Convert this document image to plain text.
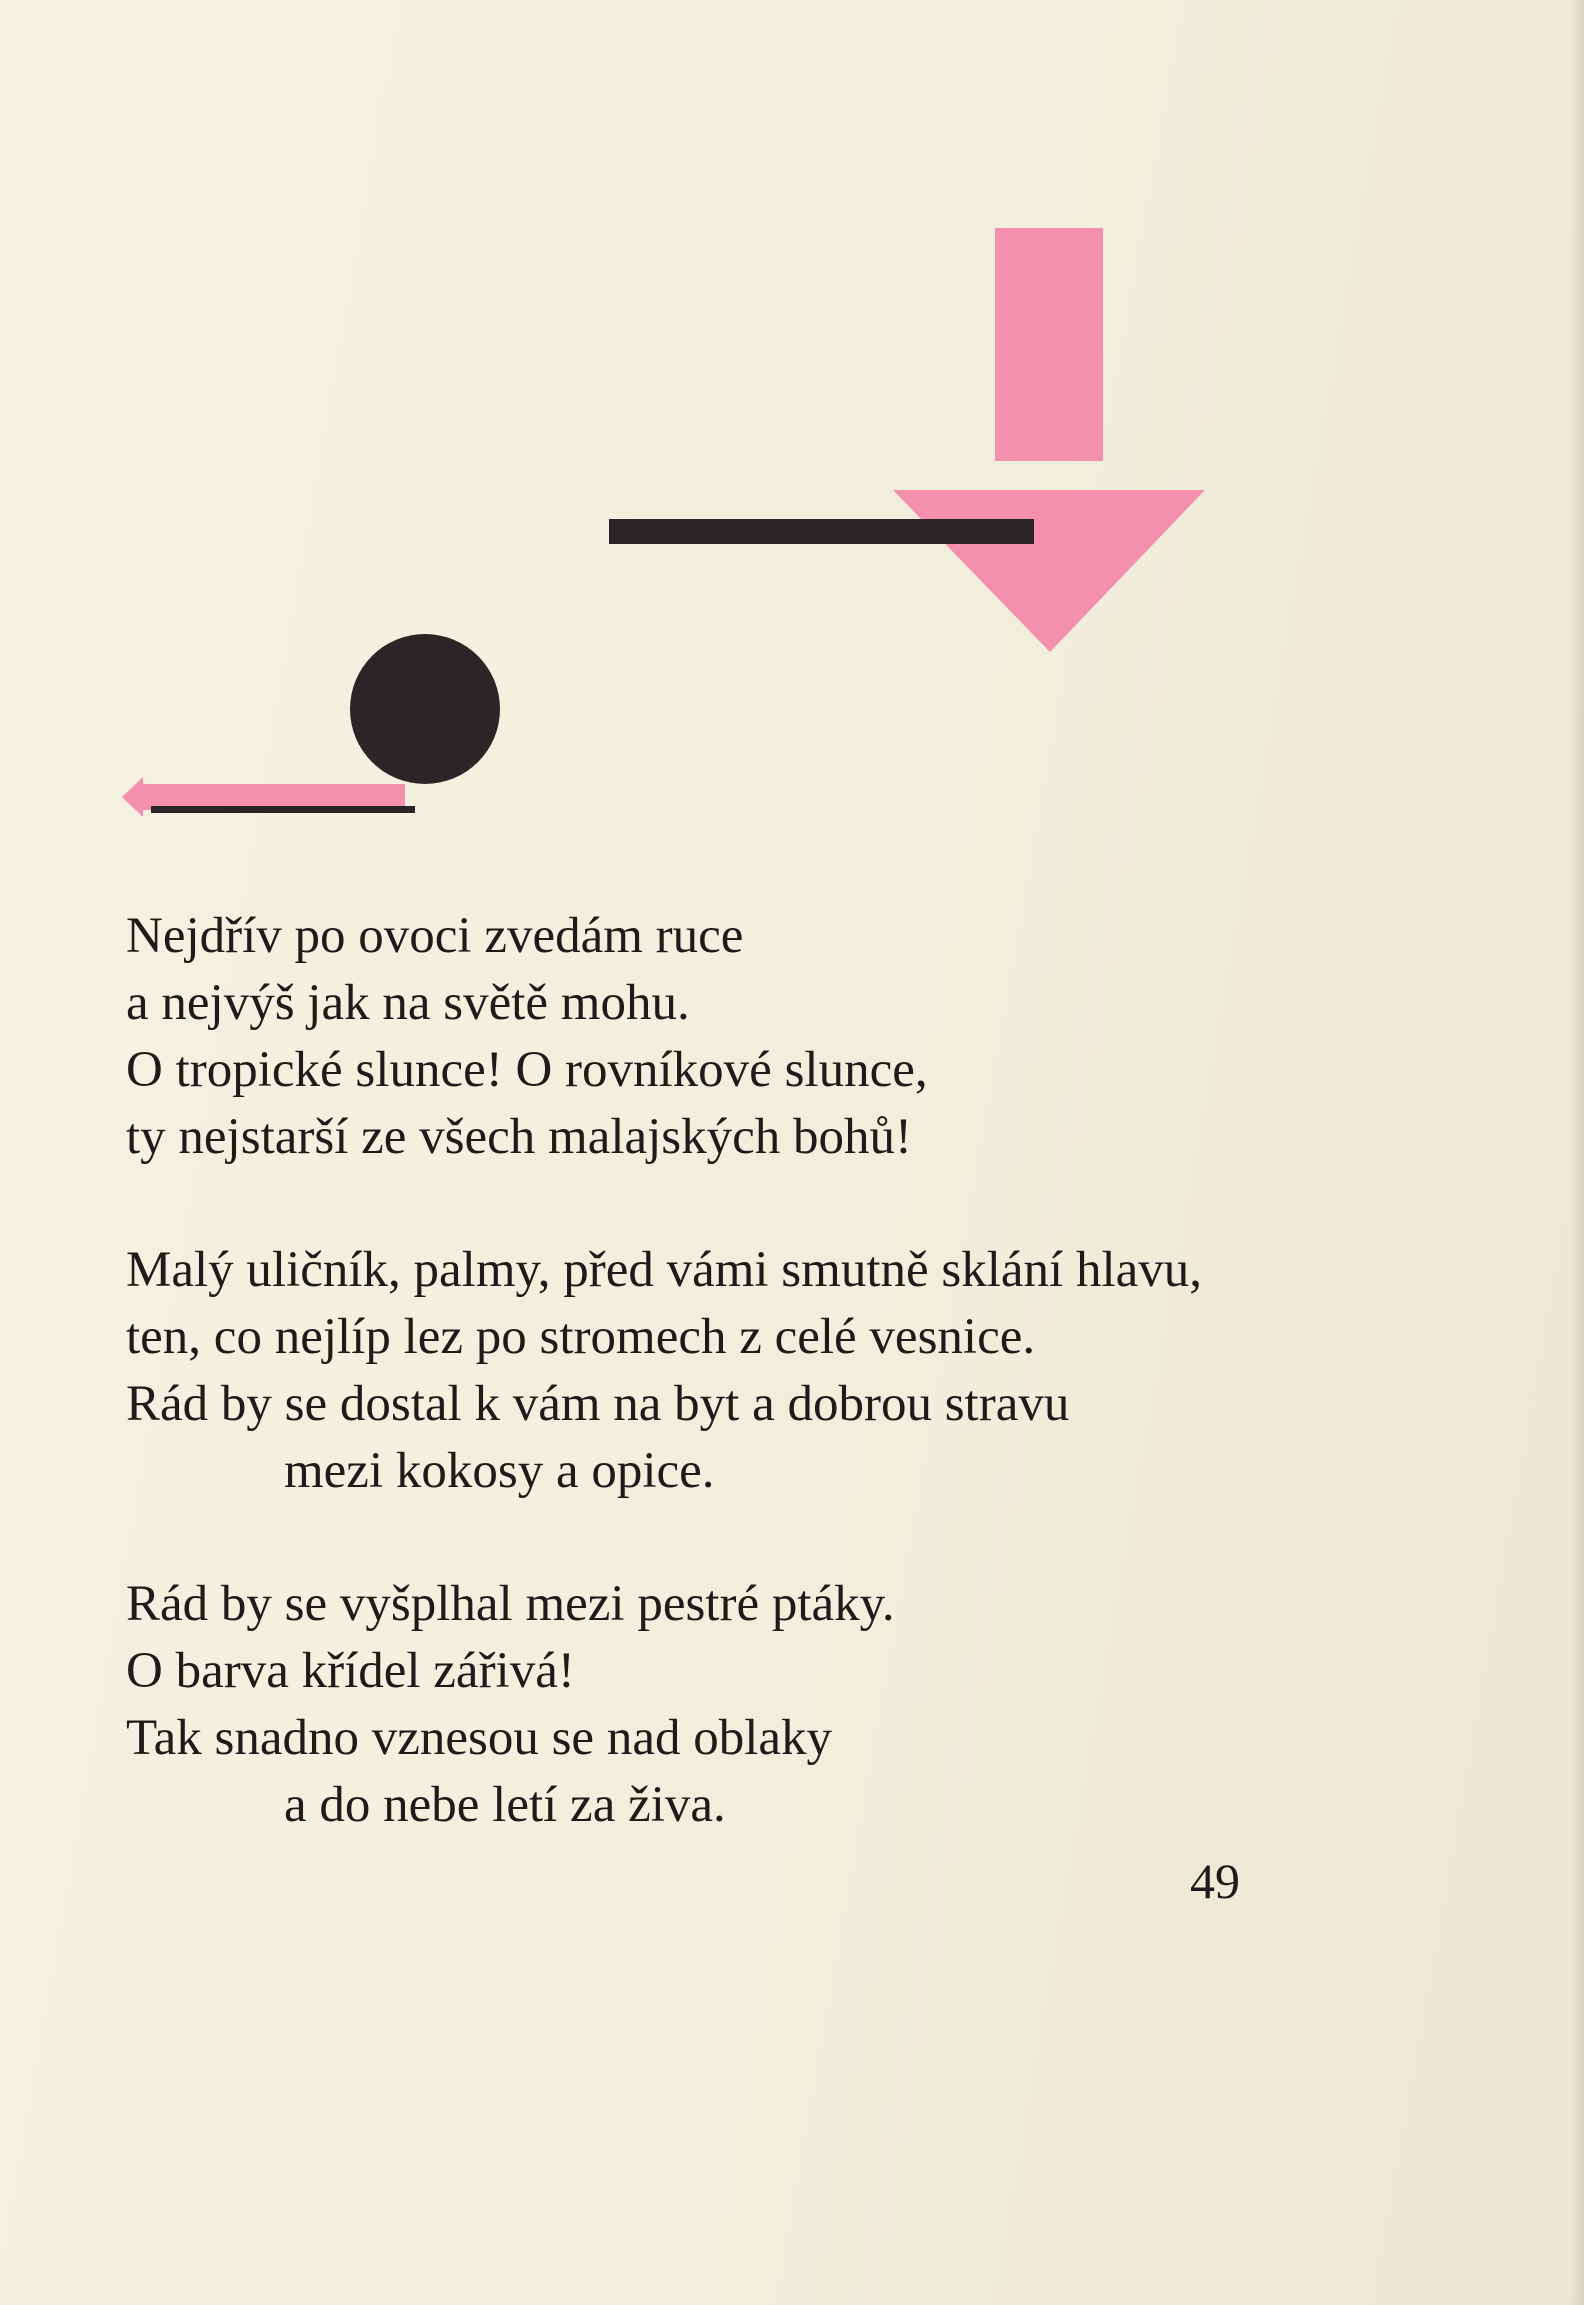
Nejdřív po ovoci zvedám ruce
a nejvýš jak na světě mohu.
O tropické slunce! O rovníkové slunce,
ty nejstarší ze všech malajských bohů!
Malý uličník, palmy, před vámi smutně sklání hlavu,
ten, co nejlíp lez po stromech z celé vesnice.
Rád by se dostal k vám na byt a dobrou stravu
mezi kokosy a opice.
Rád by se vyšplhal mezi pestré ptáky.
O barva křídel zářivá!
Tak snadno vznesou se nad oblaky
a do nebe letí za živa.
49
